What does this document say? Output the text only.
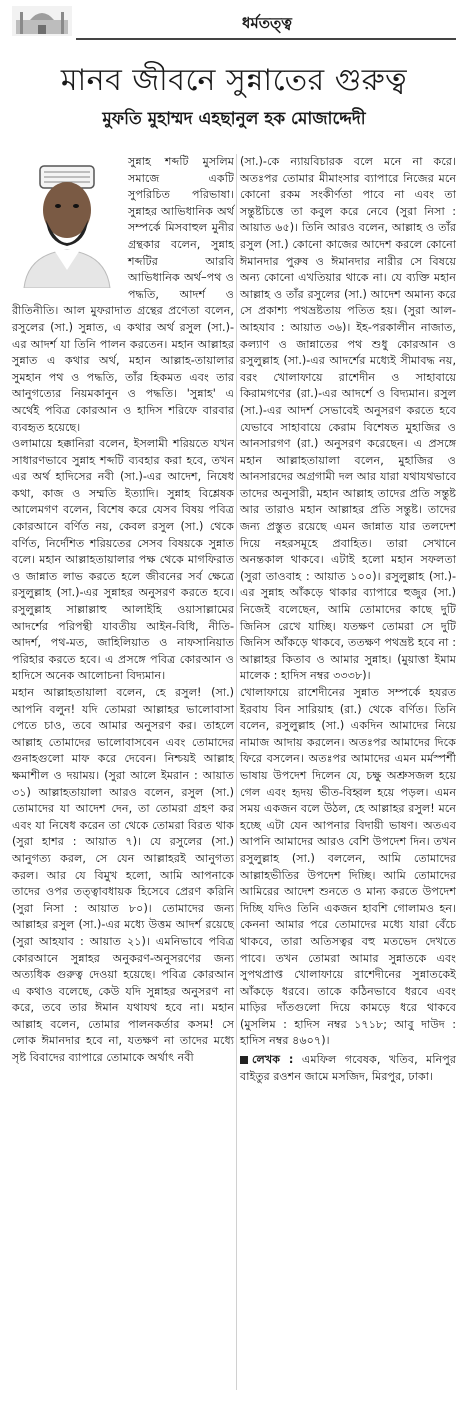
ধর্মতত্ত্ব
মানব জীবনে সুন্নাতের গুরুত্ব
মুফতি মুহাম্মদ এহছানুল হক মোজাদ্দেদী

সুন্নাহ শব্দটি মুসলিম সমাজে একটি সুপরিচিত পরিভাষা। সুন্নাহর আভিধানিক অর্থ সম্পর্কে মিসবাহুল মুনীর গ্রন্থকার বলেন, সুন্নাহ শব্দটির আরবি আভিধানিক অর্থ–পথ ও পদ্ধতি, আদর্শ ও রীতিনীতি। আল মুফরাদাত গ্রন্থের প্রণেতা বলেন, রসুলের (সা.) সুন্নাত, এ কথার অর্থ রসুল (সা.)-এর আদর্শ যা তিনি পালন করতেন। মহান আল্লাহর সুন্নাত এ কথার অর্থ, মহান আল্লাহ-তায়ালার সুমহান পথ ও পদ্ধতি, তাঁর হিকমত এবং তার আনুগত্যের নিয়মকানুন ও পদ্ধতি। 'সুন্নাহ' এ অর্থেই পবিত্র কোরআন ও হাদিস শরিফে বারবার ব্যবহৃত হয়েছে।

ওলামায়ে হক্কানিরা বলেন, ইসলামী শরিয়তে যখন সাধারণভাবে সুন্নাহ শব্দটি ব্যবহার করা হবে, তখন এর অর্থ হাদিসের নবী (সা.)-এর আদেশ, নিষেধ কথা, কাজ ও সম্মতি ইত্যাদি। সুন্নাহ বিশ্লেষক আলেমগণ বলেন, বিশেষ করে যেসব বিষয় পবিত্র কোরআনে বর্ণিত নয়, কেবল রসুল (সা.) থেকে বর্ণিত, নির্দেশিত শরিয়তের সেসব বিষয়কে সুন্নাত বলে। মহান আল্লাহতায়ালার পক্ষ থেকে মাগফিরাত ও জান্নাত লাভ করতে হলে জীবনের সর্ব ক্ষেত্রে রসুলুল্লাহ (সা.)-এর সুন্নাহর অনুসরণ করতে হবে। রসুলুল্লাহ সাল্লাল্লাহু আলাইহি ওয়াসাল্লামের আদর্শের পরিপন্থী যাবতীয় আইন-বিধি, নীতি-আদর্শ, পথ-মত, জাহিলিয়াত ও নাফসানিয়াত পরিহার করতে হবে। এ প্রসঙ্গে পবিত্র কোরআন ও হাদিসে অনেক আলোচনা বিদ্যমান।

মহান আল্লাহতায়ালা বলেন, হে রসুল! (সা.) আপনি বলুন! যদি তোমরা আল্লাহর ভালোবাসা পেতে চাও, তবে আমার অনুসরণ কর। তাহলে আল্লাহ তোমাদের ভালোবাসবেন এবং তোমাদের গুনাহগুলো মাফ করে দেবেন। নিশ্চয়ই আল্লাহ ক্ষমাশীল ও দয়াময়। (সুরা আলে ইমরান : আয়াত ৩১) আল্লাহতায়ালা আরও বলেন, রসুল (সা.) তোমাদের যা আদেশ দেন, তা তোমরা গ্রহণ কর এবং যা নিষেধ করেন তা থেকে তোমরা বিরত থাক (সুরা হাশর : আয়াত ৭)। যে রসুলের (সা.) আনুগত্য করল, সে যেন আল্লাহরই আনুগত্য করল। আর যে বিমুখ হলো, আমি আপনাকে তাদের ওপর তত্ত্বাবধায়ক হিসেবে প্রেরণ করিনি (সুরা নিসা : আয়াত ৮০)। তোমাদের জন্য আল্লাহর রসুল (সা.)-এর মধ্যে উত্তম আদর্শ রয়েছে (সুরা আহযাব : আয়াত ২১)। এমনিভাবে পবিত্র কোরআনে সুন্নাহর অনুকরণ-অনুসরণের জন্য অত্যধিক গুরুত্ব দেওয়া হয়েছে। পবিত্র কোরআন এ কথাও বলেছে, কেউ যদি সুন্নাহর অনুসরণ না করে, তবে তার ঈমান যথাযথ হবে না। মহান আল্লাহ বলেন, তোমার পালনকর্তার কসম! সে লোক ঈমানদার হবে না, যতক্ষণ না তাদের মধ্যে সৃষ্ট বিবাদের ব্যাপারে তোমাকে অর্থাৎ নবী

(সা.)-কে ন্যায়বিচারক বলে মনে না করে। অতঃপর তোমার মীমাংসার ব্যাপারে নিজের মনে কোনো রকম সংকীর্ণতা পাবে না এবং তা সন্তুষ্টচিত্তে তা কবুল করে নেবে (সুরা নিসা : আয়াত ৬৫)। তিনি আরও বলেন, আল্লাহ ও তাঁর রসুল (সা.) কোনো কাজের আদেশ করলে কোনো ঈমানদার পুরুষ ও ঈমানদার নারীর সে বিষয়ে অন্য কোনো এখতিয়ার থাকে না। যে ব্যক্তি মহান আল্লাহ ও তাঁর রসুলের (সা.) আদেশ অমান্য করে সে প্রকাশ্য পথভ্রষ্টতায় পতিত হয়। (সুরা আল-আহযাব : আয়াত ৩৬)। ইহ-পরকালীন নাজাত, কল্যাণ ও জান্নাতের পথ শুধু কোরআন ও রসুলুল্লাহ (সা.)-এর আদর্শের মধ্যেই সীমাবদ্ধ নয়, বরং খোলাফায়ে রাশেদীন ও সাহাবায়ে কিরামগণের (রা.)-এর আদর্শে ও বিদ্যমান। রসুল (সা.)-এর আদর্শ সেভাবেই অনুসরণ করতে হবে যেভাবে সাহাবায়ে কেরাম বিশেষত মুহাজির ও আনসারগণ (রা.) অনুসরণ করেছেন। এ প্রসঙ্গে মহান আল্লাহতায়ালা বলেন, মুহাজির ও আনসারদের অগ্রগামী দল আর যারা যথাযথভাবে তাদের অনুসারী, মহান আল্লাহ তাদের প্রতি সন্তুষ্ট আর তারাও মহান আল্লাহর প্রতি সন্তুষ্ট। তাদের জন্য প্রস্তুত রয়েছে এমন জান্নাত যার তলদেশ দিয়ে নহরসমূহে প্রবাহিত। তারা সেখানে অনন্তকাল থাকবে। এটাই হলো মহান সফলতা (সুরা তাওবাহ : আয়াত ১০০)। রসুলুল্লাহ (সা.)-এর সুন্নাহ আঁকড়ে থাকার ব্যাপারে হুজুর (সা.) নিজেই বলেছেন, আমি তোমাদের কাছে দুটি জিনিস রেখে যাচ্ছি। যতক্ষণ তোমরা সে দুটি জিনিস আঁকড়ে থাকবে, ততক্ষণ পথভ্রষ্ট হবে না : আল্লাহর কিতাব ও আমার সুন্নাহ। (মুয়াত্তা ইমাম মালেক : হাদিস নম্বর ৩৩৩৮)।

খোলাফায়ে রাশেদীনের সুন্নাত সম্পর্কে হযরত ইরবায বিন সারিয়াহ (রা.) থেকে বর্ণিত। তিনি বলেন, রসুলুল্লাহ (সা.) একদিন আমাদের নিয়ে নামাজ আদায় করলেন। অতঃপর আমাদের দিকে ফিরে বসলেন। অতঃপর আমাদের এমন মর্মস্পর্শী ভাষায় উপদেশ দিলেন যে, চক্ষু অশ্রুসজল হয়ে গেল এবং হৃদয় ভীত-বিহ্বল হয়ে পড়ল। এমন সময় একজন বলে উঠল, হে আল্লাহর রসুল! মনে হচ্ছে এটা যেন আপনার বিদায়ী ভাষণ। অতএব আপনি আমাদের আরও বেশি উপদেশ দিন। তখন রসুলুল্লাহ (সা.) বললেন, আমি তোমাদের আল্লাহভীতির উপদেশ দিচ্ছি। আমি তোমাদের আমিরের আদেশ শুনতে ও মান্য করতে উপদেশ দিচ্ছি যদিও তিনি একজন হাবশি গোলামও হন। কেননা আমার পরে তোমাদের মধ্যে যারা বেঁচে থাকবে, তারা অতিসত্বর বহু মতভেদ দেখতে পাবে। তখন তোমরা আমার সুন্নাতকে এবং সুপথপ্রাপ্ত খোলাফায়ে রাশেদীনের সুন্নাতকেই আঁকড়ে ধরবে। তাকে কঠিনভাবে ধরবে এবং মাড়ির দাঁতগুলো দিয়ে কামড়ে ধরে থাকবে (মুসলিম : হাদিস নম্বর ১৭১৮; আবু দাউদ : হাদিস নম্বর ৪৬০৭)।

লেখক : এমফিল গবেষক, খতিব, মনিপুর বাইতুর রওশন জামে মসজিদ, মিরপুর, ঢাকা।
